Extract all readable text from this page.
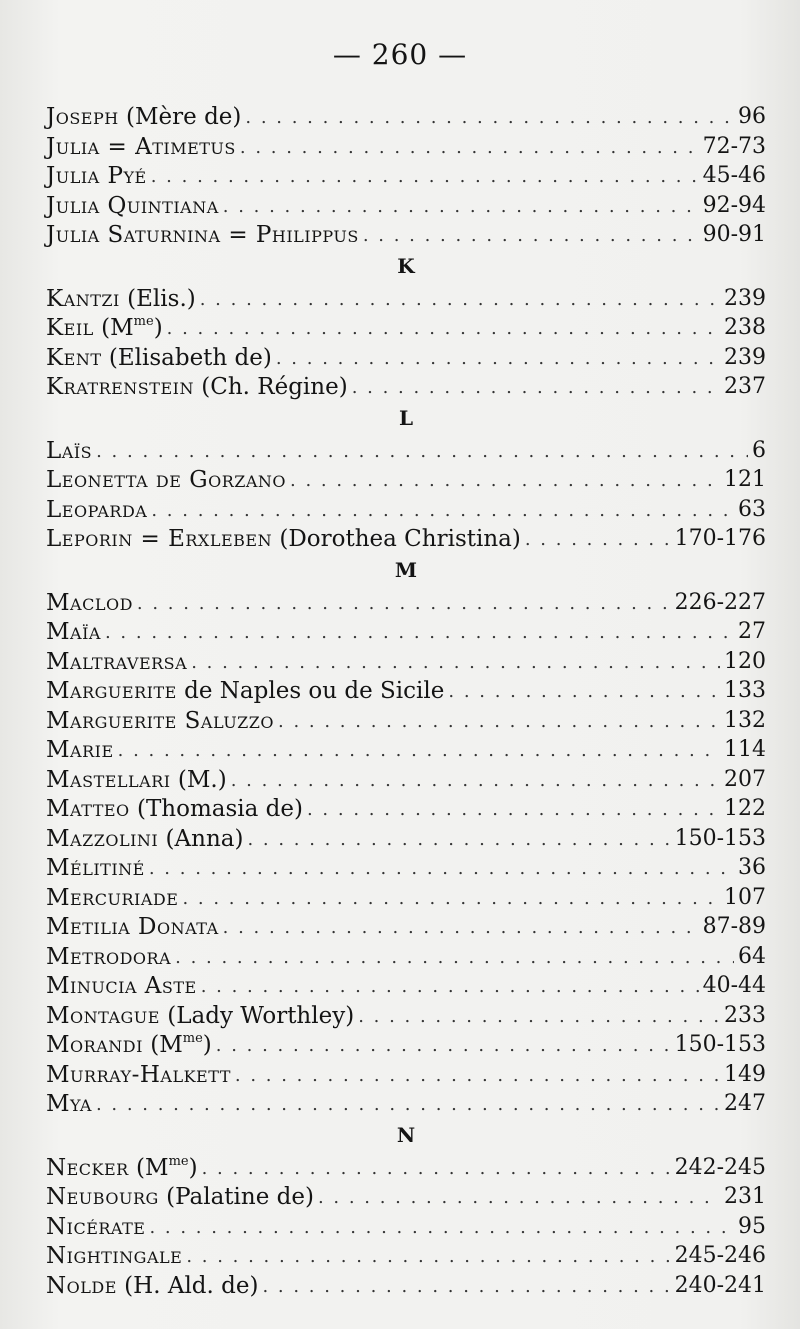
— 260 —
Joseph (Mère de) . . .	96
Julia = Atimetus . . .	72-73
Julia Pyé . . .	45-46
Julia Quintiana . . .	92-94
Julia Saturnina = Philippus . . .	90-91
K
Kantzi (Elis.) . . .	239
Keil $(M^{me})$ . . .	238
Kent (Elisabeth de) . . .	239
Kratrenstein (Ch. Régine) . . .	237
L
Laïs . . .	6
Leonetta de Gorzano . . .	121
Leoparda . . .	63
Leporin = Erxleben (Dorothea Christina) . . .	170-176
M
Maclod . . .	226-227
Maïa . . .	27
Maltraversa . . .	120
Marguerite de Naples ou de Sicile . . .	133
Marguerite Saluzzo . . .	132
Marie . . .	114
Mastellari (M.) . . .	207
Matteo (Thomasia de) . . .	122
Mazzolini (Anna) . . .	150-153
Mélitiné . . .	36
Mercuriade . . .	107
Metilia Donata . . .	87-89
Metrodora . . .	64
Minucia Aste . . .	40-44
Montague (Lady Worthley) . . .	233
Morandi $(M^{me})$ . . .	150-153
Murray-Halkett . . .	149
Mya . . .	247
N
Necker $(M^{me})$ . . .	242-245
Neubourg (Palatine de) . . .	231
Nicérate . . .	95
Nightingale . . .	245-246
Nolde (H. Ald. de) . . .	240-241
